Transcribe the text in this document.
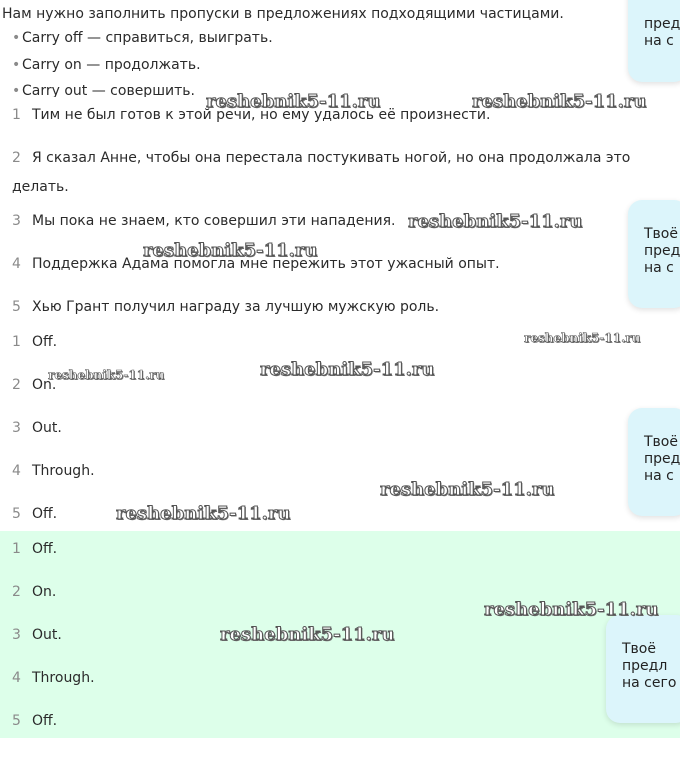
Нам нужно заполнить пропуски в предложениях подходящими частицами.
• Carry off — справиться, выиграть.
• Carry on — продолжать.
• Carry out — совершить.
1 Тим не был готов к этой речи, но ему удалось её произнести.
2 Я сказал Анне, чтобы она перестала постукивать ногой, но она продолжала это делать.
3 Мы пока не знаем, кто совершил эти нападения.
4 Поддержка Адама помогла мне пережить этот ужасный опыт.
5 Хью Грант получил награду за лучшую мужскую роль.
1 Off.
2 On.
3 Out.
4 Through.
5 Off.
1 Off.
2 On.
3 Out.
4 Through.
5 Off.
пред
на с
Твоё
пред
на с
Твоё
пред
на с
Твоё
предл
на сего
reshebnik5-11.ru	reshebnik5-11.ru
reshebnik5-11.ru
reshebnik5-11.ru
reshebnik5-11.ru
reshebnik5-11.ru
reshebnik5-11.ru
reshebnik5-11.ru
reshebnik5-11.ru
reshebnik5-11.ru
reshebnik5-11.ru
